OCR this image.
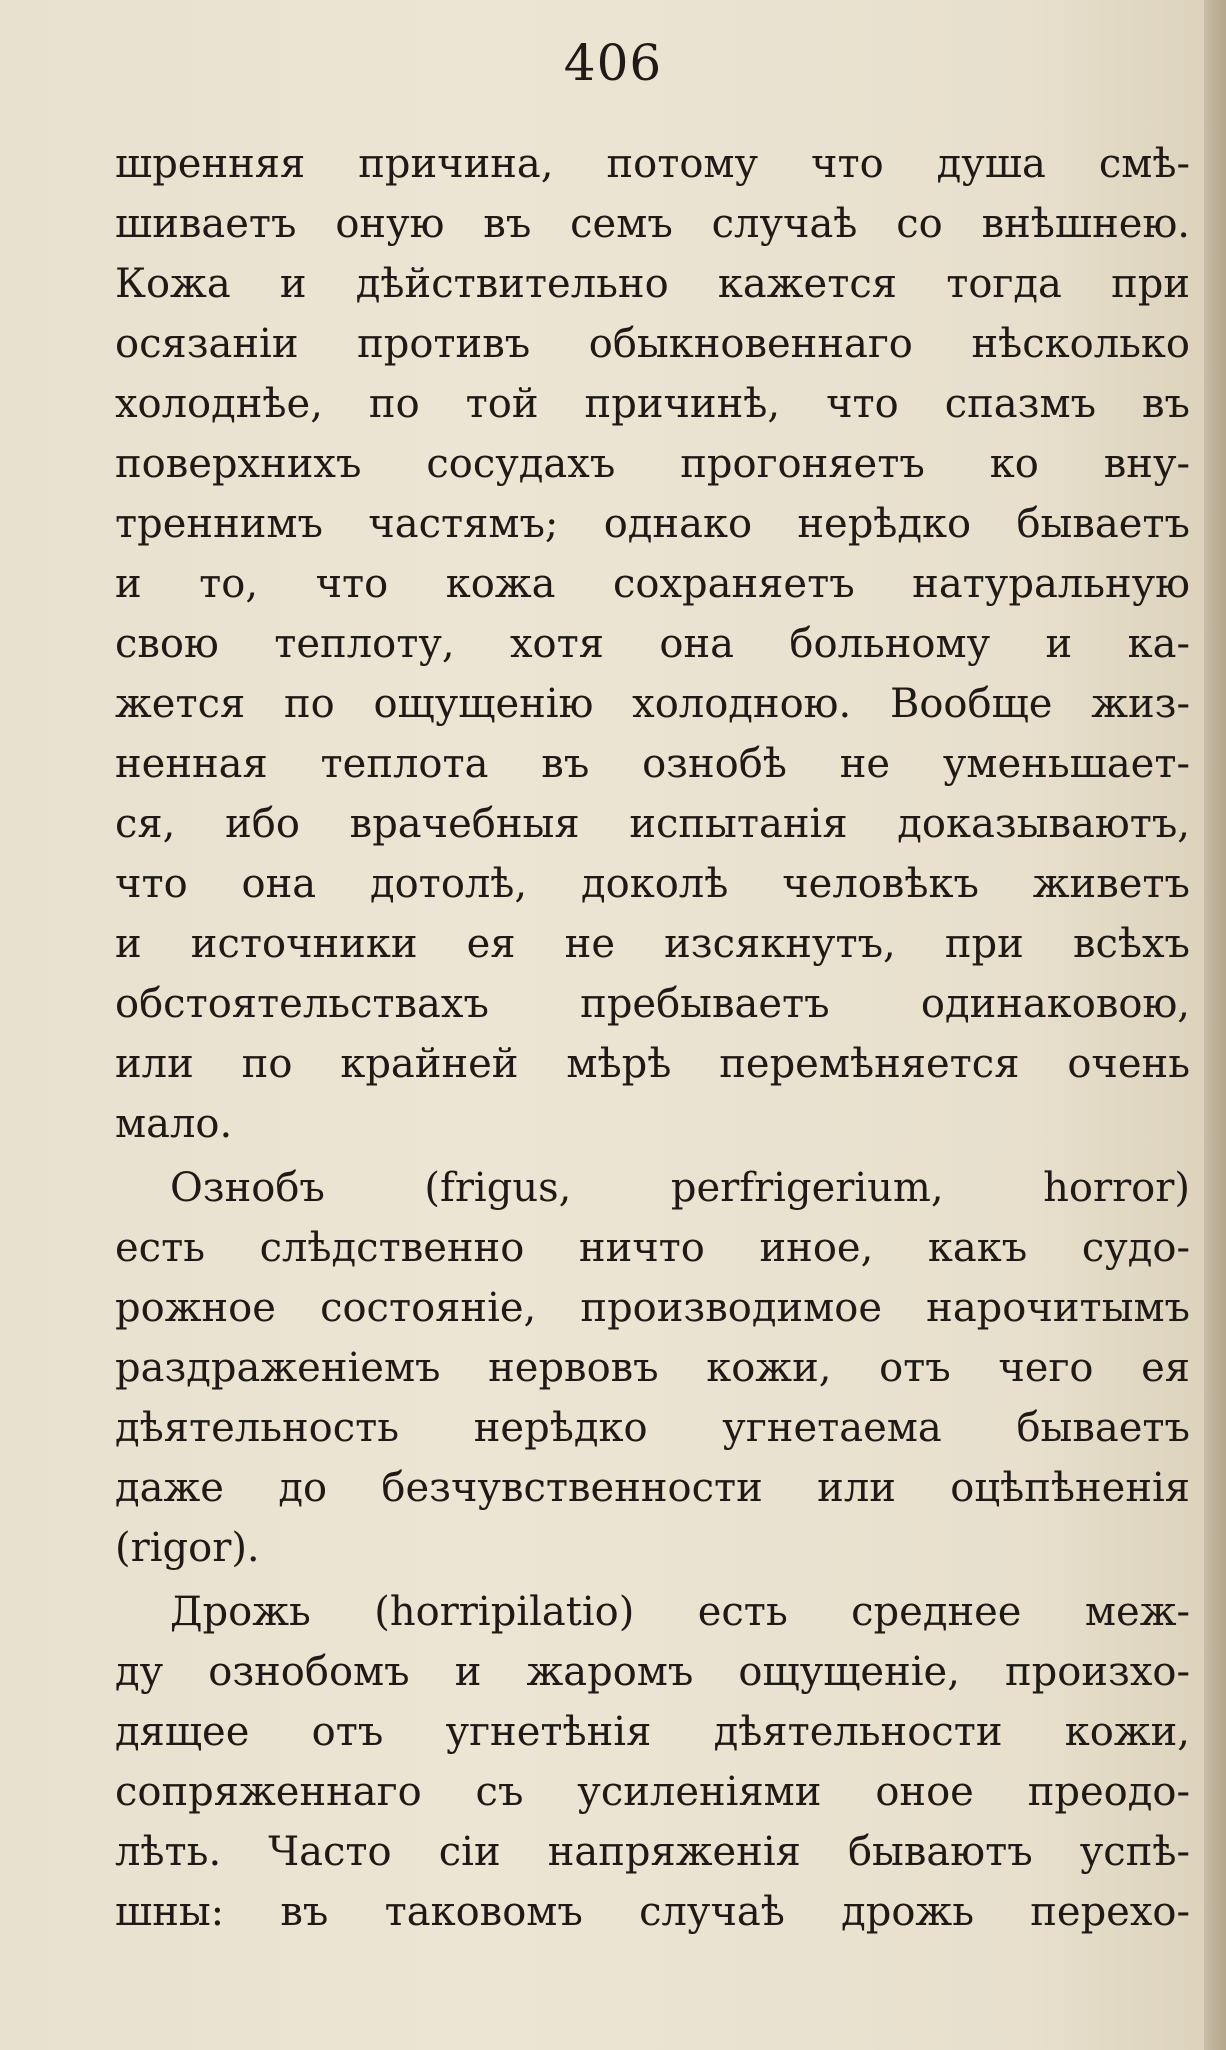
406
шренняя причина, потому что душа смѣ-
шиваетъ оную въ семъ случаѣ со внѣшнею.
Кожа и дѣйствительно кажется тогда при
осязаніи противъ обыкновеннаго нѣсколько
холоднѣе, по той причинѣ, что спазмъ въ
поверхнихъ сосудахъ прогоняетъ ко вну-
треннимъ частямъ; однако нерѣдко бываетъ
и то, что кожа сохраняетъ натуральную
свою теплоту, хотя она больному и ка-
жется по ощущенію холодною. Вообще жиз-
ненная теплота въ ознобѣ не уменьшает-
ся, ибо врачебныя испытанія доказываютъ,
что она дотолѣ, доколѣ человѣкъ живетъ
и источники ея не изсякнутъ, при всѣхъ
обстоятельствахъ пребываетъ одинаковою,
или по крайней мѣрѣ перемѣняется очень
мало.
Ознобъ (frigus, perfrigerium, horror)
есть слѣдственно ничто иное, какъ судо-
рожное состояніе, производимое нарочитымъ
раздраженіемъ нервовъ кожи, отъ чего ея
дѣятельность нерѣдко угнетаема бываетъ
даже до безчувственности или оцѣпѣненія
(rigor).
Дрожь (horripilatio) есть среднее меж-
ду ознобомъ и жаромъ ощущеніе, произхо-
дящее отъ угнетѣнія дѣятельности кожи,
сопряженнаго съ усиленіями оное преодо-
лѣть. Часто сіи напряженія бываютъ успѣ-
шны: въ таковомъ случаѣ дрожь перехо-
